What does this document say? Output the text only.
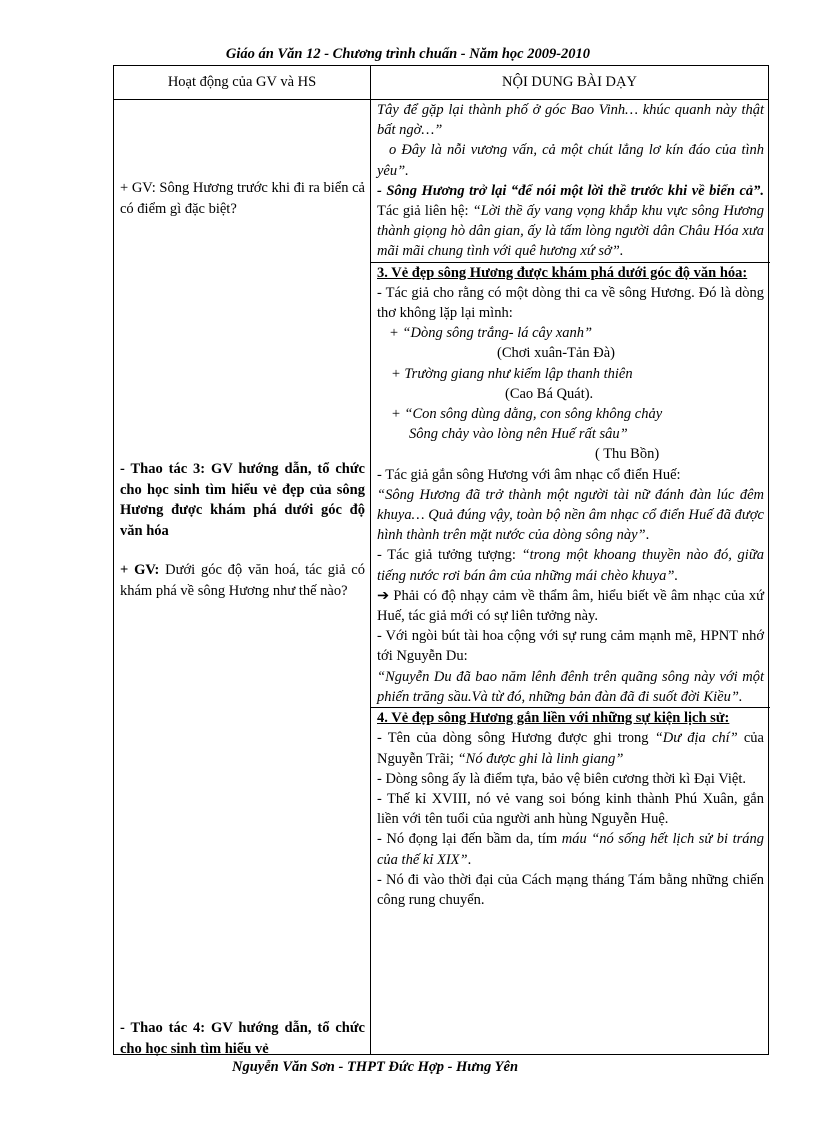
Giáo án Văn 12 - Chương trình chuẩn - Năm học 2009-2010
Hoạt động của GV và HS	NỘI DUNG BÀI DẠY

+ GV: Sông Hương trước khi đi ra biển cả có điểm gì đặc biệt?

- Thao tác 3: GV hướng dẫn, tổ chức cho học sinh tìm hiểu vẻ đẹp của sông Hương được khám phá dưới góc độ văn hóa

+ GV: Dưới góc độ văn hoá, tác giả có khám phá về sông Hương như thế nào?

- Thao tác 4: GV hướng dẫn, tổ chức cho học sinh tìm hiểu vẻ

Tây để gặp lại thành phố ở góc Bao Vinh… khúc quanh này thật bất ngờ…”

o Đây là nỗi vương vấn, cả một chút lẳng lơ kín đáo của tình yêu”.

- Sông Hương trở lại “để nói một lời thề trước khi về biển cả”. Tác giả liên hệ: “Lời thề ấy vang vọng khắp khu vực sông Hương thành giọng hò dân gian, ấy là tấm lòng người dân Châu Hóa xưa mãi mãi chung tình với quê hương xứ sở”.

3. Vẻ đẹp sông Hương được khám phá dưới góc độ văn hóa:

- Tác giả cho rằng có một dòng thi ca về sông Hương. Đó là dòng thơ không lặp lại mình:

+ “Dòng sông trắng- lá cây xanh”

(Chơi xuân-Tản Đà)

+ Trường giang như kiếm lập thanh thiên

(Cao Bá Quát).

+ “Con sông dùng dằng, con sông không chảy

Sông chảy vào lòng nên Huế rất sâu”

( Thu Bồn)

- Tác giả gắn sông Hương với âm nhạc cổ điển Huế:

“Sông Hương đã trở thành một người tài nữ đánh đàn lúc đêm khuya… Quả đúng vậy, toàn bộ nền âm nhạc cổ điển Huế đã được hình thành trên mặt nước của dòng sông này”.

- Tác giả tưởng tượng: “trong một khoang thuyền nào đó, giữa tiếng nước rơi bán âm của những mái chèo khuya”.

➔ Phải có độ nhạy cảm về thẩm âm, hiểu biết về âm nhạc của xứ Huế, tác giả mới có sự liên tưởng này.

- Với ngòi bút tài hoa cộng với sự rung cảm mạnh mẽ, HPNT nhớ tới Nguyễn Du:

“Nguyễn Du đã bao năm lênh đênh trên quãng sông này với một phiến trăng sầu.Và từ đó, những bản đàn đã đi suốt đời Kiều”.

4. Vẻ đẹp sông Hương gắn liền với những sự kiện lịch sử:

- Tên của dòng sông Hương được ghi trong “Dư địa chí” của Nguyễn Trãi; “Nó được ghi là linh giang”

- Dòng sông ấy là điểm tựa, bảo vệ biên cương thời kì Đại Việt.

- Thế kỉ XVIII, nó vẻ vang soi bóng kinh thành Phú Xuân, gắn liền với tên tuổi của người anh hùng Nguyễn Huệ.

- Nó đọng lại đến bầm da, tím máu “nó sống hết lịch sử bi tráng của thế kỉ XIX”.

- Nó đi vào thời đại của Cách mạng tháng Tám bằng những chiến công rung chuyển.

Nguyễn Văn Sơn - THPT Đức Hợp - Hưng Yên
